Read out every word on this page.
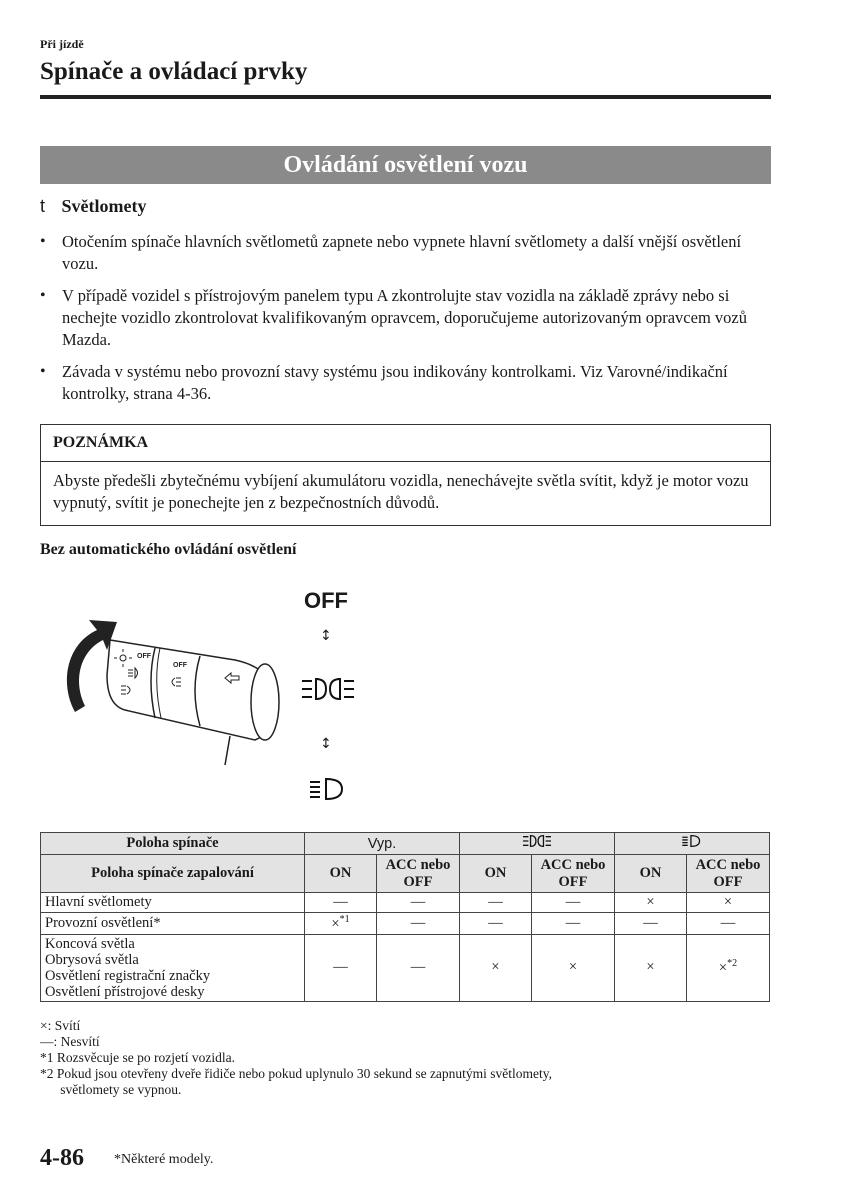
Při jízdě
Spínače a ovládací prvky
Ovládání osvětlení vozu
t Světlomety
• Otočením spínače hlavních světlometů zapnete nebo vypnete hlavní světlomety a další vnější osvětlení vozu.
• V případě vozidel s přístrojovým panelem typu A zkontrolujte stav vozidla na základě zprávy nebo si nechejte vozidlo zkontrolovat kvalifikovaným opravcem, doporučujeme autorizovaným opravcem vozů Mazda.
• Závada v systému nebo provozní stavy systému jsou indikovány kontrolkami. Viz Varovné/indikační kontrolky, strana 4-36.
POZNÁMKA
Abyste předešli zbytečnému vybíjení akumulátoru vozidla, nenechávejte světla svítit, když je motor vozu vypnutý, svítit je ponechejte jen z bezpečnostních důvodů.
Bez automatického ovládání osvětlení
OFF
OFF
OFF
↕
↕
Poloha spínače	Vyp.		
Poloha spínače zapalování	ON	ACC nebo OFF	ON	ACC nebo OFF	ON	ACC nebo OFF
Hlavní světlomety	—	—	—	—	×	×
Provozní osvětlení*	×$^{*1}$	—	—	—	—	—

Koncová světla
Obrysová světla
Osvětlení registrační značky
Osvětlení přístrojové desky	—	—	×	×	×	×$^{*2}$
×: Svítí
—: Nesvítí
*1 Rozsvěcuje se po rozjetí vozidla.
*2 Pokud jsou otevřeny dveře řidiče nebo pokud uplynulo 30 sekund se zapnutými světlomety,
světlomety se vypnou.
4-86 *Některé modely.
